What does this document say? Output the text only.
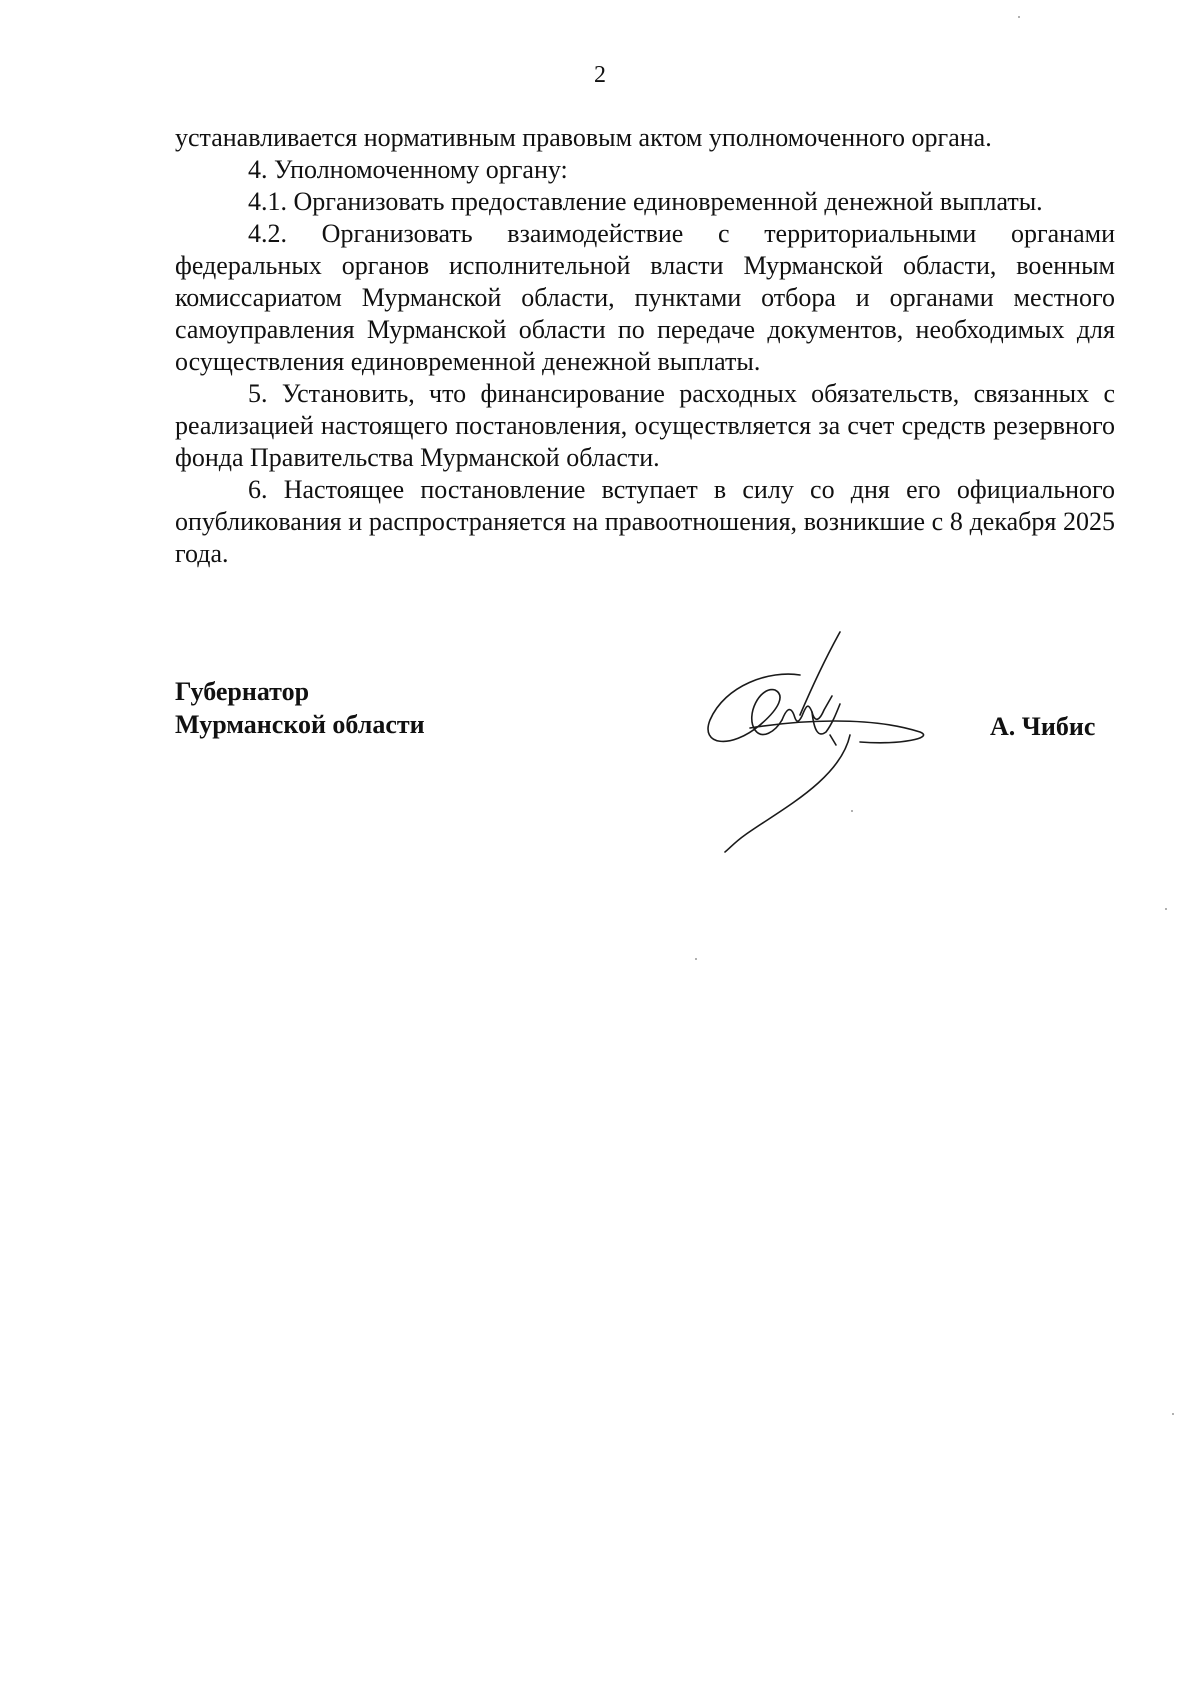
2

устанавливается нормативным правовым актом уполномоченного органа.

4. Уполномоченному органу:

4.1. Организовать предоставление единовременной денежной выплаты.

4.2. Организовать взаимодействие с территориальными органами федеральных органов исполнительной власти Мурманской области, военным комиссариатом Мурманской области, пунктами отбора и органами местного самоуправления Мурманской области по передаче документов, необходимых для осуществления единовременной денежной выплаты.

5. Установить, что финансирование расходных обязательств, связанных с реализацией настоящего постановления, осуществляется за счет средств резервного фонда Правительства Мурманской области.

6. Настоящее постановление вступает в силу со дня его официального опубликования и распространяется на правоотношения, возникшие с 8 декабря 2025 года.

Губернатор
Мурманской области	А. Чибис
